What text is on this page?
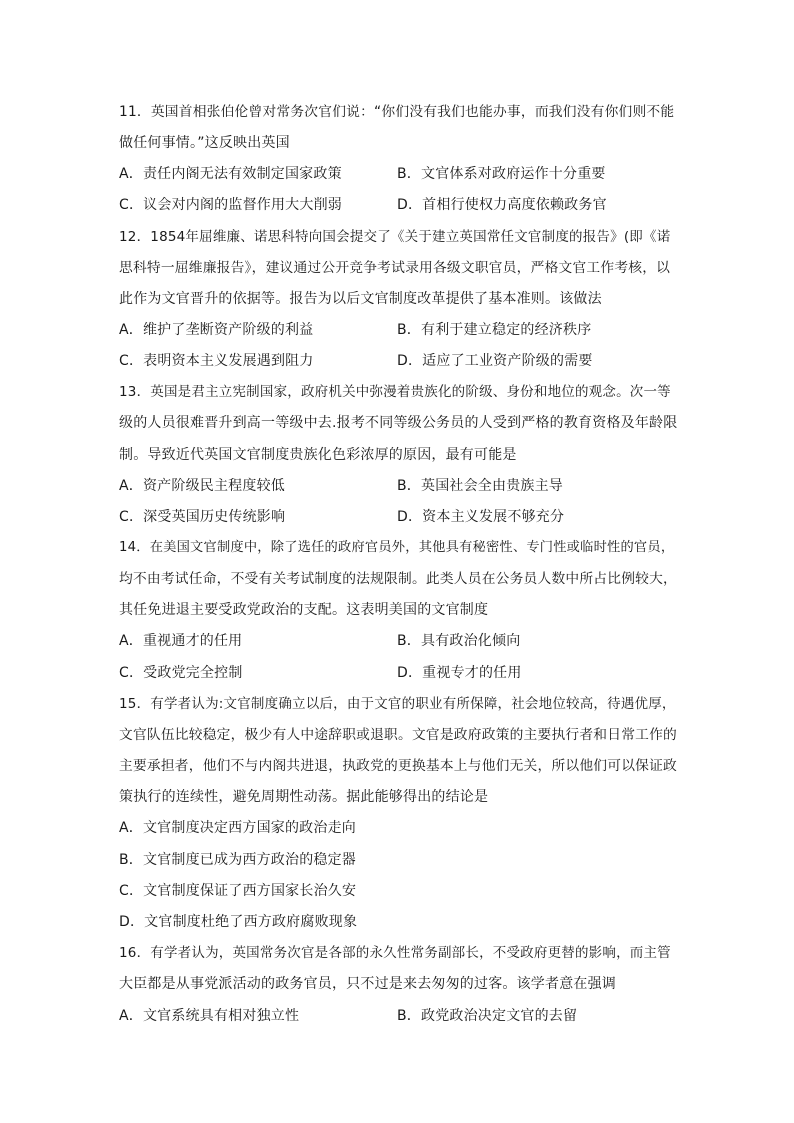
11．英国首相张伯伦曾对常务次官们说：“你们没有我们也能办事，而我们没有你们则不能
做任何事情。”这反映出英国
A．责任内阁无法有效制定国家政策	B．文官体系对政府运作十分重要
C．议会对内阁的监督作用大大削弱	D．首相行使权力高度依赖政务官
12．1854年屈维廉、诺思科特向国会提交了《关于建立英国常任文官制度的报告》(即《诺
思科特一屈维廉报告》，建议通过公开竞争考试录用各级文职官员，严格文官工作考核，以
此作为文官晋升的依据等。报告为以后文官制度改革提供了基本准则。该做法
A．维护了垄断资产阶级的利益	B．有利于建立稳定的经济秩序
C．表明资本主义发展遇到阻力	D．适应了工业资产阶级的需要
13．英国是君主立宪制国家，政府机关中弥漫着贵族化的阶级、身份和地位的观念。次一等
级的人员很难晋升到高一等级中去.报考不同等级公务员的人受到严格的教育资格及年龄限
制。导致近代英国文官制度贵族化色彩浓厚的原因，最有可能是
A．资产阶级民主程度较低	B．英国社会全由贵族主导
C．深受英国历史传统影响	D．资本主义发展不够充分
14．在美国文官制度中，除了选任的政府官员外，其他具有秘密性、专门性或临时性的官员，
均不由考试任命，不受有关考试制度的法规限制。此类人员在公务员人数中所占比例较大，
其任免进退主要受政党政治的支配。这表明美国的文官制度
A．重视通才的任用	B．具有政治化倾向
C．受政党完全控制	D．重视专才的任用
15．有学者认为:文官制度确立以后，由于文官的职业有所保障，社会地位较高，待遇优厚，
文官队伍比较稳定，极少有人中途辞职或退职。文官是政府政策的主要执行者和日常工作的
主要承担者，他们不与内阁共进退，执政党的更换基本上与他们无关，所以他们可以保证政
策执行的连续性，避免周期性动荡。据此能够得出的结论是
A．文官制度决定西方国家的政治走向
B．文官制度已成为西方政治的稳定器
C．文官制度保证了西方国家长治久安
D．文官制度杜绝了西方政府腐败现象
16．有学者认为，英国常务次官是各部的永久性常务副部长，不受政府更替的影响，而主管
大臣都是从事党派活动的政务官员，只不过是来去匆匆的过客。该学者意在强调
A．文官系统具有相对独立性	B．政党政治决定文官的去留
